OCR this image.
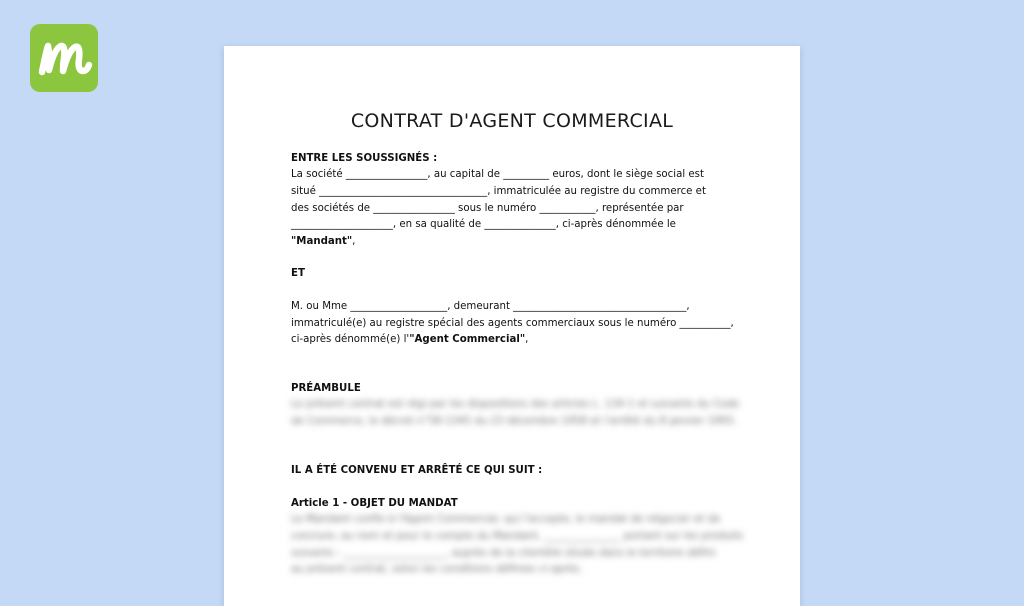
CONTRAT D'AGENT COMMERCIAL

ENTRE LES SOUSSIGNÉS :

La société ________________, au capital de _________ euros, dont le siège social est

situé _________________________________, immatriculée au registre du commerce et

des sociétés de ________________ sous le numéro ___________, représentée par

____________________, en sa qualité de ______________, ci-après dénommée le

"Mandant",

ET

M. ou Mme ___________________, demeurant __________________________________,

immatriculé(e) au registre spécial des agents commerciaux sous le numéro __________,

ci-après dénommé(e) l'"Agent Commercial",

PRÉAMBULE

Le présent contrat est régi par les dispositions des articles L. 134-1 et suivants du Code

de Commerce, le décret n°58-1345 du 23 décembre 1958 et l'arrêté du 8 janvier 1993.

IL A ÉTÉ CONVENU ET ARRÊTÉ CE QUI SUIT :

Article 1 - OBJET DU MANDAT

Le Mandant confie à l'Agent Commercial, qui l'accepte, le mandat de négocier et de

conclure, au nom et pour le compte du Mandant, _______________ portant sur les produits

suivants : ____________________, auprès de la clientèle située dans le territoire défini

au présent contrat, selon les conditions définies ci-après.
